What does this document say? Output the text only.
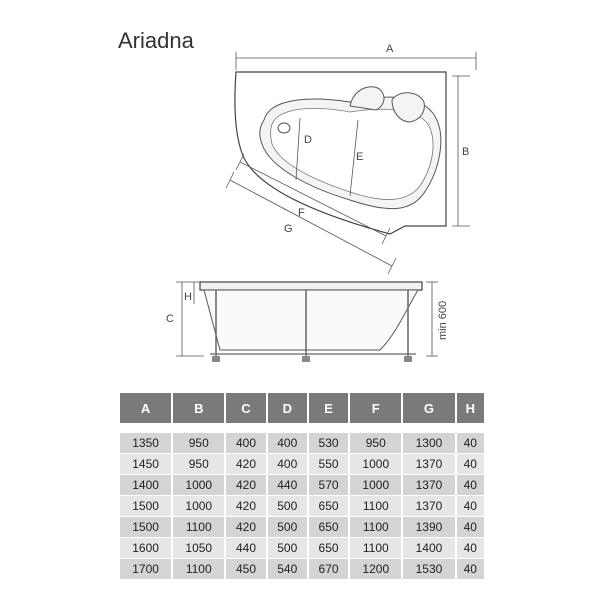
Ariadna	A
B
D
E
F
G
C
H
min 600
A	B	C	D	E	F	G	H

1350	950	400	400	530	950	1300	40
1450	950	420	400	550	1000	1370	40
1400	1000	420	440	570	1000	1370	40
1500	1000	420	500	650	1100	1370	40
1500	1100	420	500	650	1100	1390	40
1600	1050	440	500	650	1100	1400	40
1700	1100	450	540	670	1200	1530	40
